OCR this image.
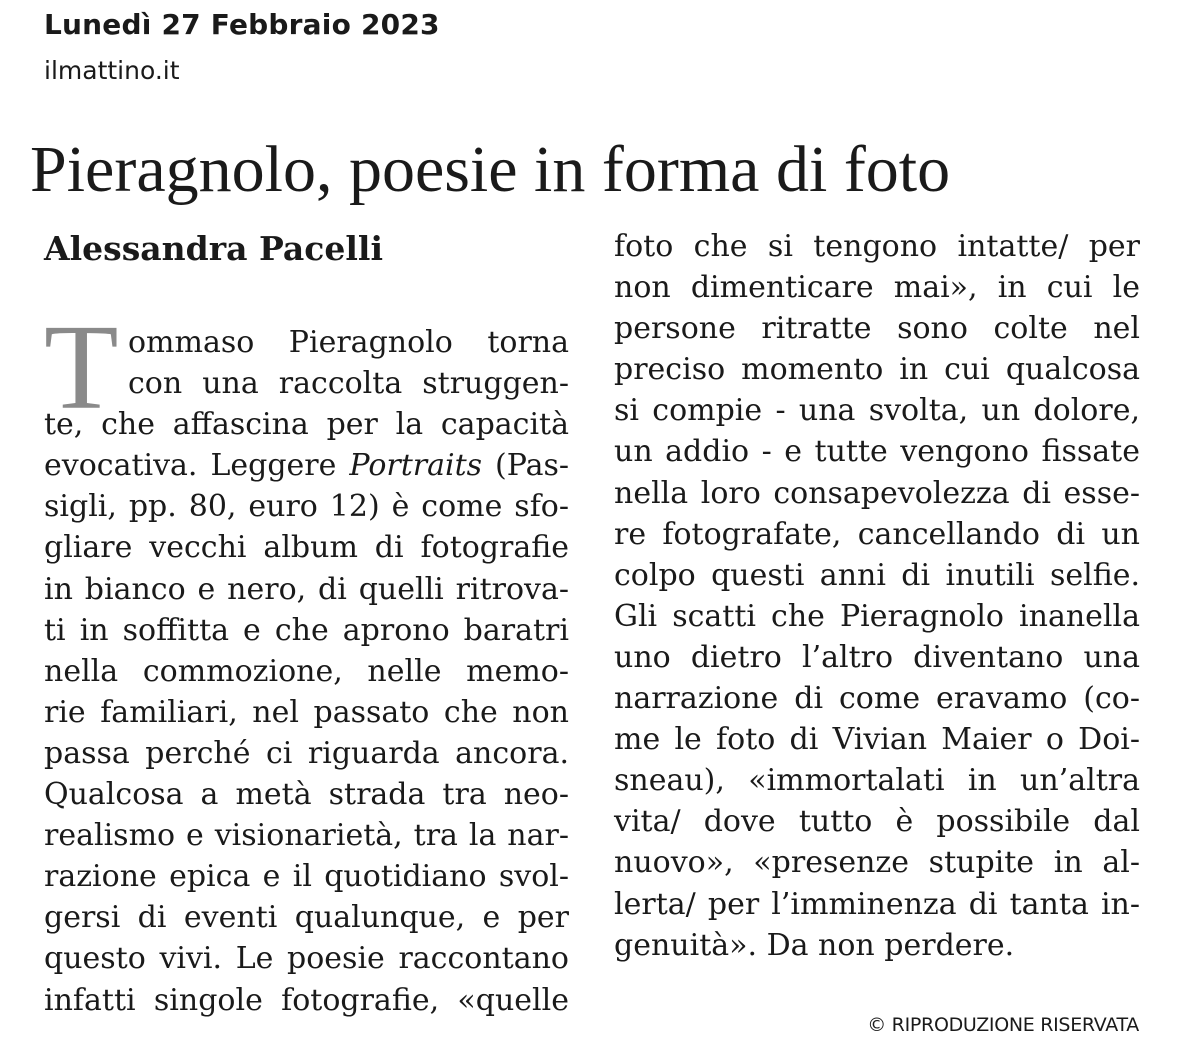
Lunedì 27 Febbraio 2023
ilmattino.it
Pieragnolo, poesie in forma di foto
Alessandra Pacelli
T ommaso Pieragnolo torna
con una raccolta struggen-
te, che affascina per la capacità
evocativa. Leggere Portraits (Pas-
sigli, pp. 80, euro 12) è come sfo-
gliare vecchi album di fotografie
in bianco e nero, di quelli ritrova-
ti in soffitta e che aprono baratri
nella commozione, nelle memo-
rie familiari, nel passato che non
passa perché ci riguarda ancora.
Qualcosa a metà strada tra neo-
realismo e visionarietà, tra la nar-
razione epica e il quotidiano svol-
gersi di eventi qualunque, e per
questo vivi. Le poesie raccontano
infatti singole fotografie, «quelle
foto che si tengono intatte/ per
non dimenticare mai», in cui le
persone ritratte sono colte nel
preciso momento in cui qualcosa
si compie - una svolta, un dolore,
un addio - e tutte vengono fissate
nella loro consapevolezza di esse-
re fotografate, cancellando di un
colpo questi anni di inutili selfie.
Gli scatti che Pieragnolo inanella
uno dietro l’altro diventano una
narrazione di come eravamo (co-
me le foto di Vivian Maier o Doi-
sneau), «immortalati in un’altra
vita/ dove tutto è possibile dal
nuovo», «presenze stupite in al-
lerta/ per l’imminenza di tanta in-
genuità». Da non perdere.
© RIPRODUZIONE RISERVATA
